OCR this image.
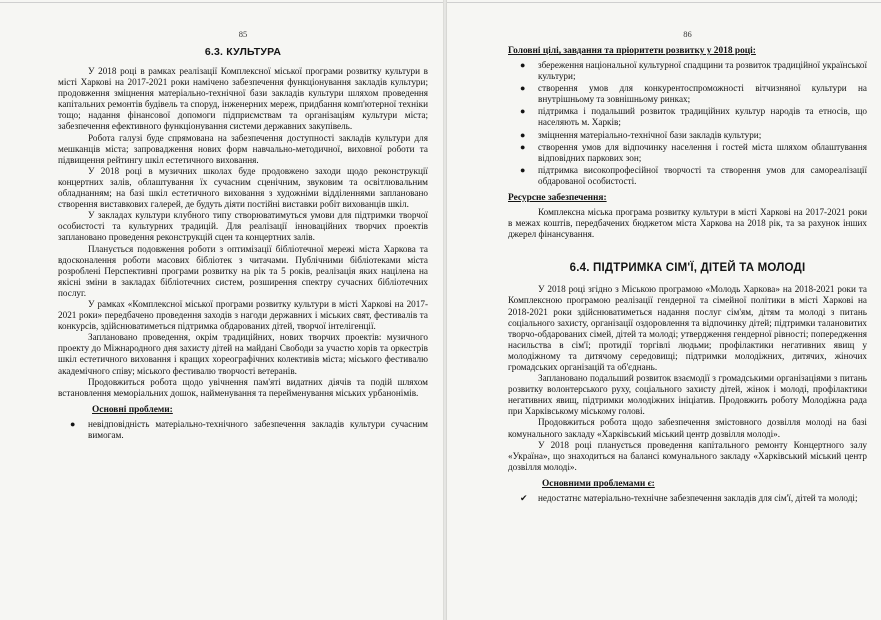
85
6.3. КУЛЬТУРА

У 2018 році в рамках реалізації Комплексної міської програми розвитку культури в місті Харкові на 2017-2021 роки намічено забезпечення функціонування закладів культури; продовження зміцнення матеріально-технічної бази закладів культури шляхом проведення капітальних ремонтів будівель та споруд, інженерних мереж, придбання комп'ютерної техніки тощо; надання фінансової допомоги підприємствам та організаціям культури міста; забезпечення ефективного функціонування системи державних закупівель.

Робота галузі буде спрямована на забезпечення доступності закладів культури для мешканців міста; запровадження нових форм навчально-методичної, виховної роботи та підвищення рейтингу шкіл естетичного виховання.

У 2018 році в музичних школах буде продовжено заходи щодо реконструкції концертних залів, облаштування їх сучасним сценічним, звуковим та освітлювальним обладнанням; на базі шкіл естетичного виховання з художніми відділеннями заплановано створення виставкових галерей, де будуть діяти постійні виставки робіт вихованців шкіл.

У закладах культури клубного типу створюватимуться умови для підтримки творчої особистості та культурних традицій. Для реалізації інноваційних творчих проектів заплановано проведення реконструкцій сцен та концертних залів.

Планується подовження роботи з оптимізації бібліотечної мережі міста Харкова та вдосконалення роботи масових бібліотек з читачами. Публічними бібліотеками міста розроблені Перспективні програми розвитку на рік та 5 років, реалізація яких націлена на якісні зміни в закладах бібліотечних систем, розширення спектру сучасних бібліотечних послуг.

У рамках «Комплексної міської програми розвитку культури в місті Харкові на 2017-2021 роки» передбачено проведення заходів з нагоди державних і міських свят, фестивалів та конкурсів, здійснюватиметься підтримка обдарованих дітей, творчої інтелігенції.

Заплановано проведення, окрім традиційних, нових творчих проектів: музичного проекту до Міжнародного дня захисту дітей на майдані Свободи за участю хорів та оркестрів шкіл естетичного виховання і кращих хореографічних колективів міста; міського фестивалю академічного співу; міського фестивалю творчості ветеранів.

Продовжиться робота щодо увічнення пам'яті видатних діячів та подій шляхом встановлення меморіальних дошок, найменування та перейменування міських урбанонімів.

Основні проблеми:
● невідповідність матеріально-технічного забезпечення закладів культури сучасним вимогам.
86
Головні цілі, завдання та пріоритети розвитку у 2018 році:
● збереження національної культурної спадщини та розвиток традиційної української культури;
● створення умов для конкурентоспроможності вітчизняної культури на внутрішньому та зовнішньому ринках;
● підтримка і подальший розвиток традиційних культур народів та етносів, що населяють м. Харків;
● зміцнення матеріально-технічної бази закладів культури;
● створення умов для відпочинку населення і гостей міста шляхом облаштування відповідних паркових зон;
● підтримка високопрофесійної творчості та створення умов для самореалізації обдарованої особистості.
Ресурсне забезпечення:

Комплексна міська програма розвитку культури в місті Харкові на 2017-2021 роки в межах коштів, передбачених бюджетом міста Харкова на 2018 рік, та за рахунок інших джерел фінансування.

6.4. ПІДТРИМКА СІМ'Ї, ДІТЕЙ ТА МОЛОДІ

У 2018 році згідно з Міською програмою «Молодь Харкова» на 2018-2021 роки та Комплексною програмою реалізації гендерної та сімейної політики в місті Харкові на 2018-2021 роки здійснюватиметься надання послуг сім'ям, дітям та молоді з питань соціального захисту, організації оздоровлення та відпочинку дітей; підтримки талановитих творчо-обдарованих сімей, дітей та молоді; утвердження гендерної рівності; попередження насильства в сім'ї; протидії торгівлі людьми; профілактики негативних явищ у молодіжному та дитячому середовищі; підтримки молодіжних, дитячих, жіночих громадських організацій та об'єднань.

Заплановано подальший розвиток взаємодії з громадськими організаціями з питань розвитку волонтерського руху, соціального захисту дітей, жінок і молоді, профілактики негативних явищ, підтримки молодіжних ініціатив. Продовжить роботу Молодіжна рада при Харківському міському голові.

Продовжиться робота щодо забезпечення змістовного дозвілля молоді на базі комунального закладу «Харківський міський центр дозвілля молоді».

У 2018 році планується проведення капітального ремонту Концертного залу «Україна», що знаходиться на балансі комунального закладу «Харківський міський центр дозвілля молоді».

Основними проблемами є:
✔ недостатнє матеріально-технічне забезпечення закладів для сім'ї, дітей та молоді;
